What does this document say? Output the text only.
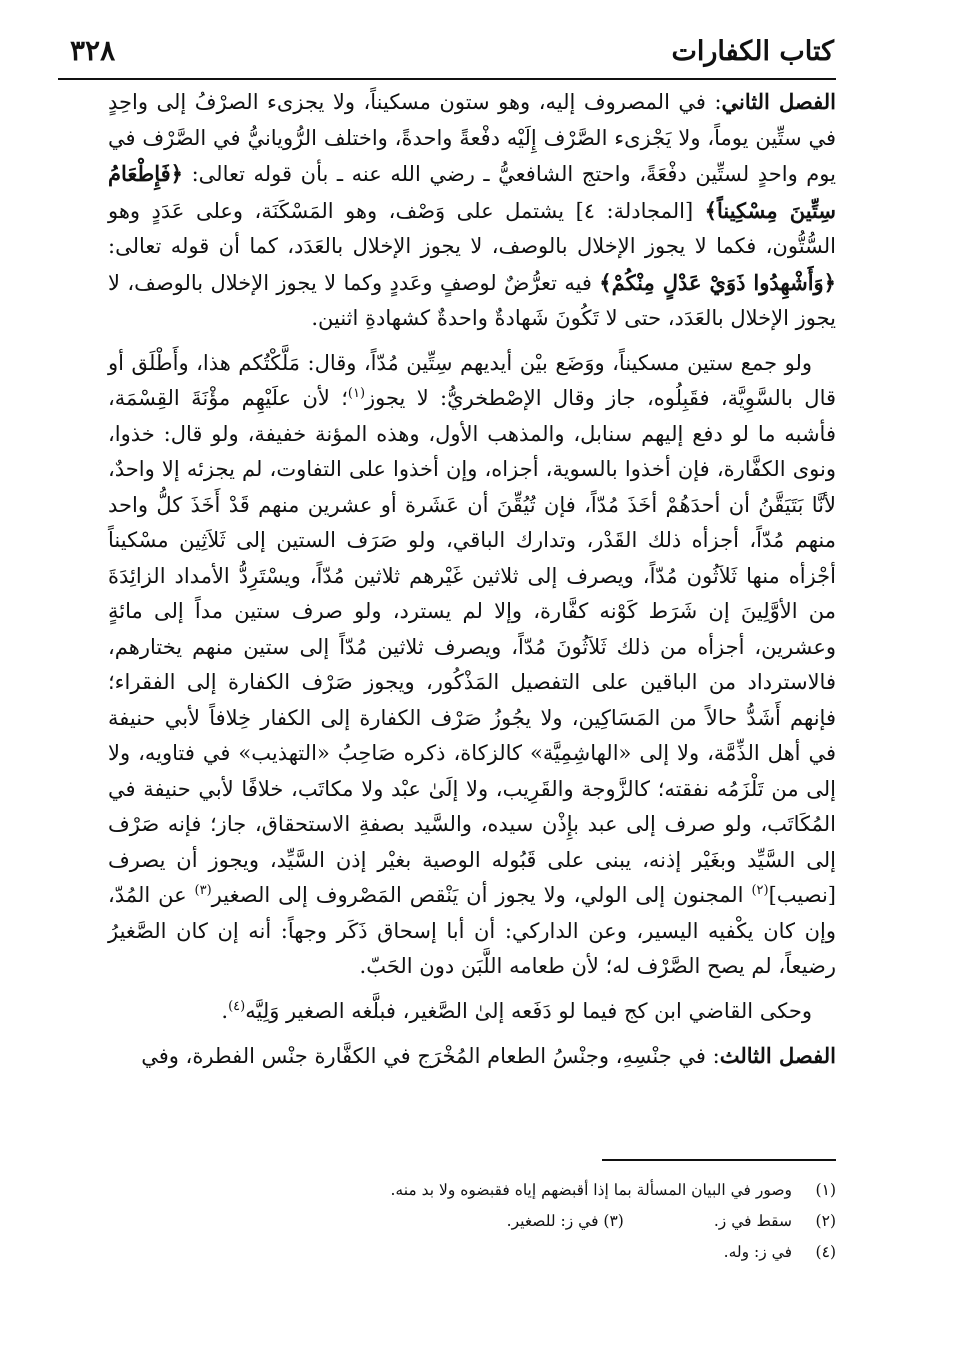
كتاب الكفارات
٣٢٨

الفصل الثاني: في المصروف إليه، وهو ستون مسكيناً، ولا يجزىء الصرْفُ إلى واحِدٍ في ستِّين يوماً، ولا يَجْزىء الصَّرْف إِلَيْه دفْعةً واحدةً، واختلف الرُّويانيُّ في الصَّرْف في يوم واحدٍ لستِّين دفْعَةً، واحتج الشافعيُّ ـ رضي الله عنه ـ بأن قوله تعالى: ﴿فَإِطْعَامُ سِتِّينَ مِسْكِيناً﴾ [المجادلة: ٤] يشتمل على وَصْف، وهو المَسْكَنَة، وعلى عَدَدٍ وهو السُّتُّون، فكما لا يجوز الإخلال بالوصف، لا يجوز الإخلال بالعَدَد، كما أن قوله تعالى: ﴿وَأَشْهِدُوا ذَوَيْ عَدْلٍ مِنْكُمْ﴾ فيه تعرُّضٌ لوصفٍ وعَددٍ وكما لا يجوز الإخلال بالوصف، لا يجوز الإخلال بالعَدَد، حتى لا تَكُونَ شَهادةٌ واحدةٌ كشهادةِ اثنين.

ولو جمع ستين مسكيناً، ووَضَع بيْن أيديهم سِتِّين مُدّاً، وقال: مَلَّكْتُكم هذا، وأَطْلَق أو قال بالسَّوِيَّة، فقَبِلُوه، جاز وقال الإصْطخريُّ: لا يجوز$^{(١)}$؛ لأن علَيْهِم مؤْنَةَ القِسْمَة، فأشبه ما لو دفع إليهم سنابل، والمذهب الأول، وهذه المؤنة خفيفة، ولو قال: خذوا، ونوى الكفَّارة، فإن أخذوا بالسوية، أجزاه، وإن أخذوا على التفاوت، لم يجزئه إلا واحدٌ، لأنَّا بَتَيَقَّنُ أن أحدَهُمْ أخَذَ مُدّاً، فإن تُيُقِّنَ أن عَشَرة أو عشرين منهم قَدْ أَخَذَ كلُّ واحد منهم مُدّاً، أجزأه ذلك القَدْر، وتدارك الباقي، ولو صَرَف الستين إلى ثَلاَثِين مسْكيناً أجْزأه منها ثَلاَثُون مُدّاً، ويصرف إلى ثلاثين غَيْرهم ثلاثين مُدّاً، ويسْتَرِدُّ الأمداد الزائِدَةَ من الأوَّلِينَ إن شَرَط كَوْنه كفَّارة، وإلا لم يسترد، ولو صرف ستين مداً إلى مائةٍ وعشرين، أجزأه من ذلك ثَلاَثُونَ مُدّاً، ويصرف ثلاثين مُدّاً إلى ستين منهم يختارهم، فالاسترداد من الباقين على التفصيل المَذْكُور، ويجوز صَرْف الكفارة إلى الفقراء؛ فإنهم أَشَدُّ حالاً من المَسَاكِين، ولا يجُوزُ صَرْف الكفارة إلى الكفار خِلافاً لأبي حنيفة في أهل الذِّمَّة، ولا إلى «الهاشِمِيَّة» كالزكاة، ذكره صَاحِبُ «التهذيب» في فتاويه، ولا إلى من تَلْزَمُه نفقته؛ كالزَّوجة والقَرِيب، ولا إلَىٰ عبْد ولا مكاتَب، خلافًا لأبي حنيفة في المُكَاتَب، ولو صرف إلى عبد بإِذْن سيده، والسَّيد بصفةِ الاستحقاق، جاز؛ فإنه صَرْف إلى السَّيِّد وبغَيْر إذنه، يبنى على قَبُوله الوصية بغيْر إذن السَّيِّد، ويجوز أن يصرف [نصيب]$^{(٢)}$ المجنون إلى الولي، ولا يجوز أن يَنْقص المَصْروف إلى الصغير$^{(٣)}$ عن المُدّ، وإن كان يكْفيه اليسير، وعن الداركي: أن أبا إسحاق ذَكَر وجهاً: أنه إن كان الصَّغيرُ رضيعاً، لم يصح الصَّرْف له؛ لأن طعامه اللَّبَن دون الحَبّ.

وحكى القاضي ابن كج فيما لو دَفَعه إلىٰ الصَّغير، فبلَّغه الصغير وَلِيَّه$^{(٤)}$.

الفصل الثالث: في جنْسِهِ، وجنْسُ الطعام المُخْرَج في الكفَّارة جنْس الفطرة، وفي

(١)وصور في البيان المسألة بما إذا أقبضهم إياه فقبضوه ولا بد منه.
(٢)سقط في ز.(٣) في ز: للصغير.
(٤)في ز: وله.
